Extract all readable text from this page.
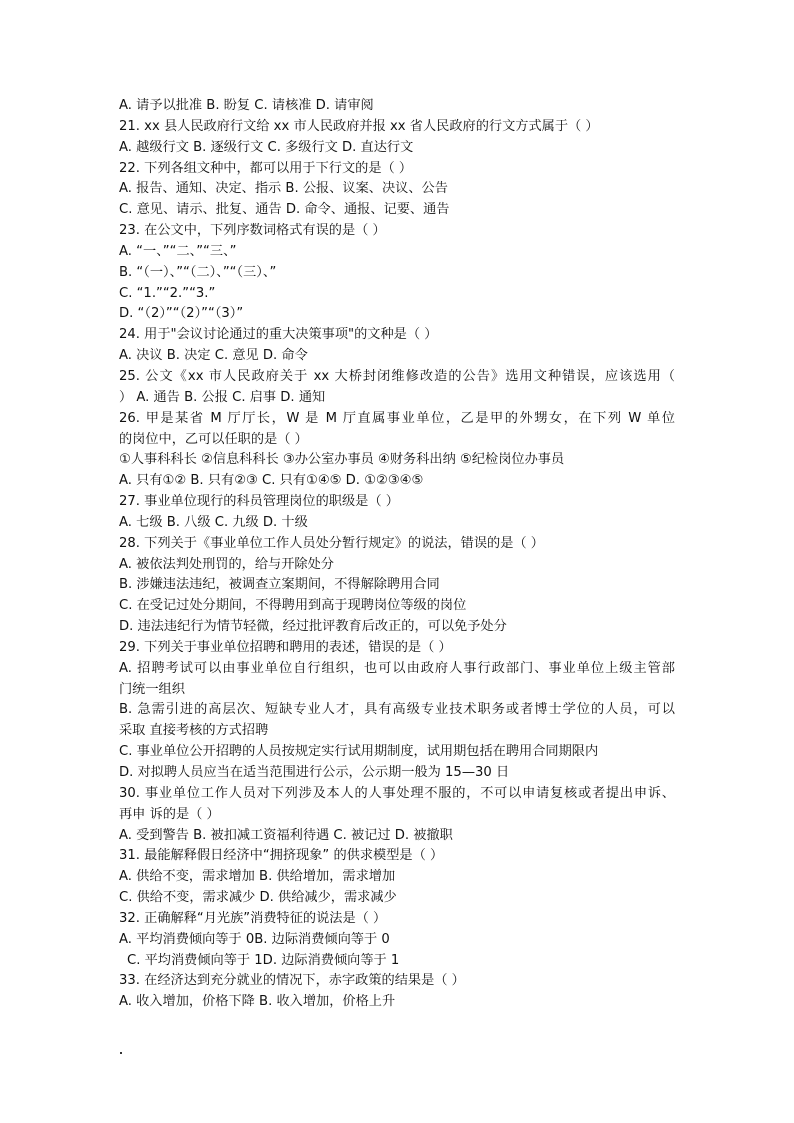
A. 请予以批准 B. 盼复 C. 请核准 D. 请审阅
21. xx 县人民政府行文给 xx 市人民政府并报 xx 省人民政府的行文方式属于（ ）
A. 越级行文 B. 逐级行文 C. 多级行文 D. 直达行文
22. 下列各组文种中，都可以用于下行文的是（ ）
A. 报告、通知、决定、指示 B. 公报、议案、决议、公告
C. 意见、请示、批复、通告 D. 命令、通报、记要、通告
23. 在公文中，下列序数词格式有误的是（ ）
A. “一、”“二、”“三、”
B. “（一）、”“（二）、”“（三）、”
C. “1.”“2.”“3.”
D. “（2）”“（2）”“（3）”
24. 用于"会议讨论通过的重大决策事项"的文种是（ ）
A. 决议 B. 决定 C. 意见 D. 命令
25. 公文《xx 市人民政府关于 xx 大桥封闭维修改造的公告》选用文种错误，应该选用（
） A. 通告 B. 公报 C. 启事 D. 通知
26. 甲是某省 M 厅厅长，W 是 M 厅直属事业单位，乙是甲的外甥女，在下列 W 单位
的岗位中，乙可以任职的是（ ）
①人事科科长 ②信息科科长 ③办公室办事员 ④财务科出纳 ⑤纪检岗位办事员
A. 只有①② B. 只有②③ C. 只有①④⑤ D. ①②③④⑤
27. 事业单位现行的科员管理岗位的职级是（ ）
A. 七级 B. 八级 C. 九级 D. 十级
28. 下列关于《事业单位工作人员处分暂行规定》的说法，错误的是（ ）
A. 被依法判处刑罚的，给与开除处分
B. 涉嫌违法违纪，被调查立案期间，不得解除聘用合同
C. 在受记过处分期间，不得聘用到高于现聘岗位等级的岗位
D. 违法违纪行为情节轻微，经过批评教育后改正的，可以免予处分
29. 下列关于事业单位招聘和聘用的表述，错误的是（ ）
A. 招聘考试可以由事业单位自行组织，也可以由政府人事行政部门、事业单位上级主管部
门统一组织
B. 急需引进的高层次、短缺专业人才，具有高级专业技术职务或者博士学位的人员，可以
采取 直接考核的方式招聘
C. 事业单位公开招聘的人员按规定实行试用期制度，试用期包括在聘用合同期限内
D. 对拟聘人员应当在适当范围进行公示，公示期一般为 15—30 日
30. 事业单位工作人员对下列涉及本人的人事处理不服的，不可以申请复核或者提出申诉、
再申 诉的是（ ）
A. 受到警告 B. 被扣减工资福利待遇 C. 被记过 D. 被撤职
31. 最能解释假日经济中“拥挤现象” 的供求模型是（ ）
A. 供给不变，需求增加 B. 供给增加，需求增加
C. 供给不变，需求减少 D. 供给减少，需求减少
32. 正确解释“月光族”消费特征的说法是（ ）
A. 平均消费倾向等于 0B. 边际消费倾向等于 0
C. 平均消费倾向等于 1D. 边际消费倾向等于 1
33. 在经济达到充分就业的情况下，赤字政策的结果是（ ）
A. 收入增加，价格下降 B. 收入增加，价格上升
